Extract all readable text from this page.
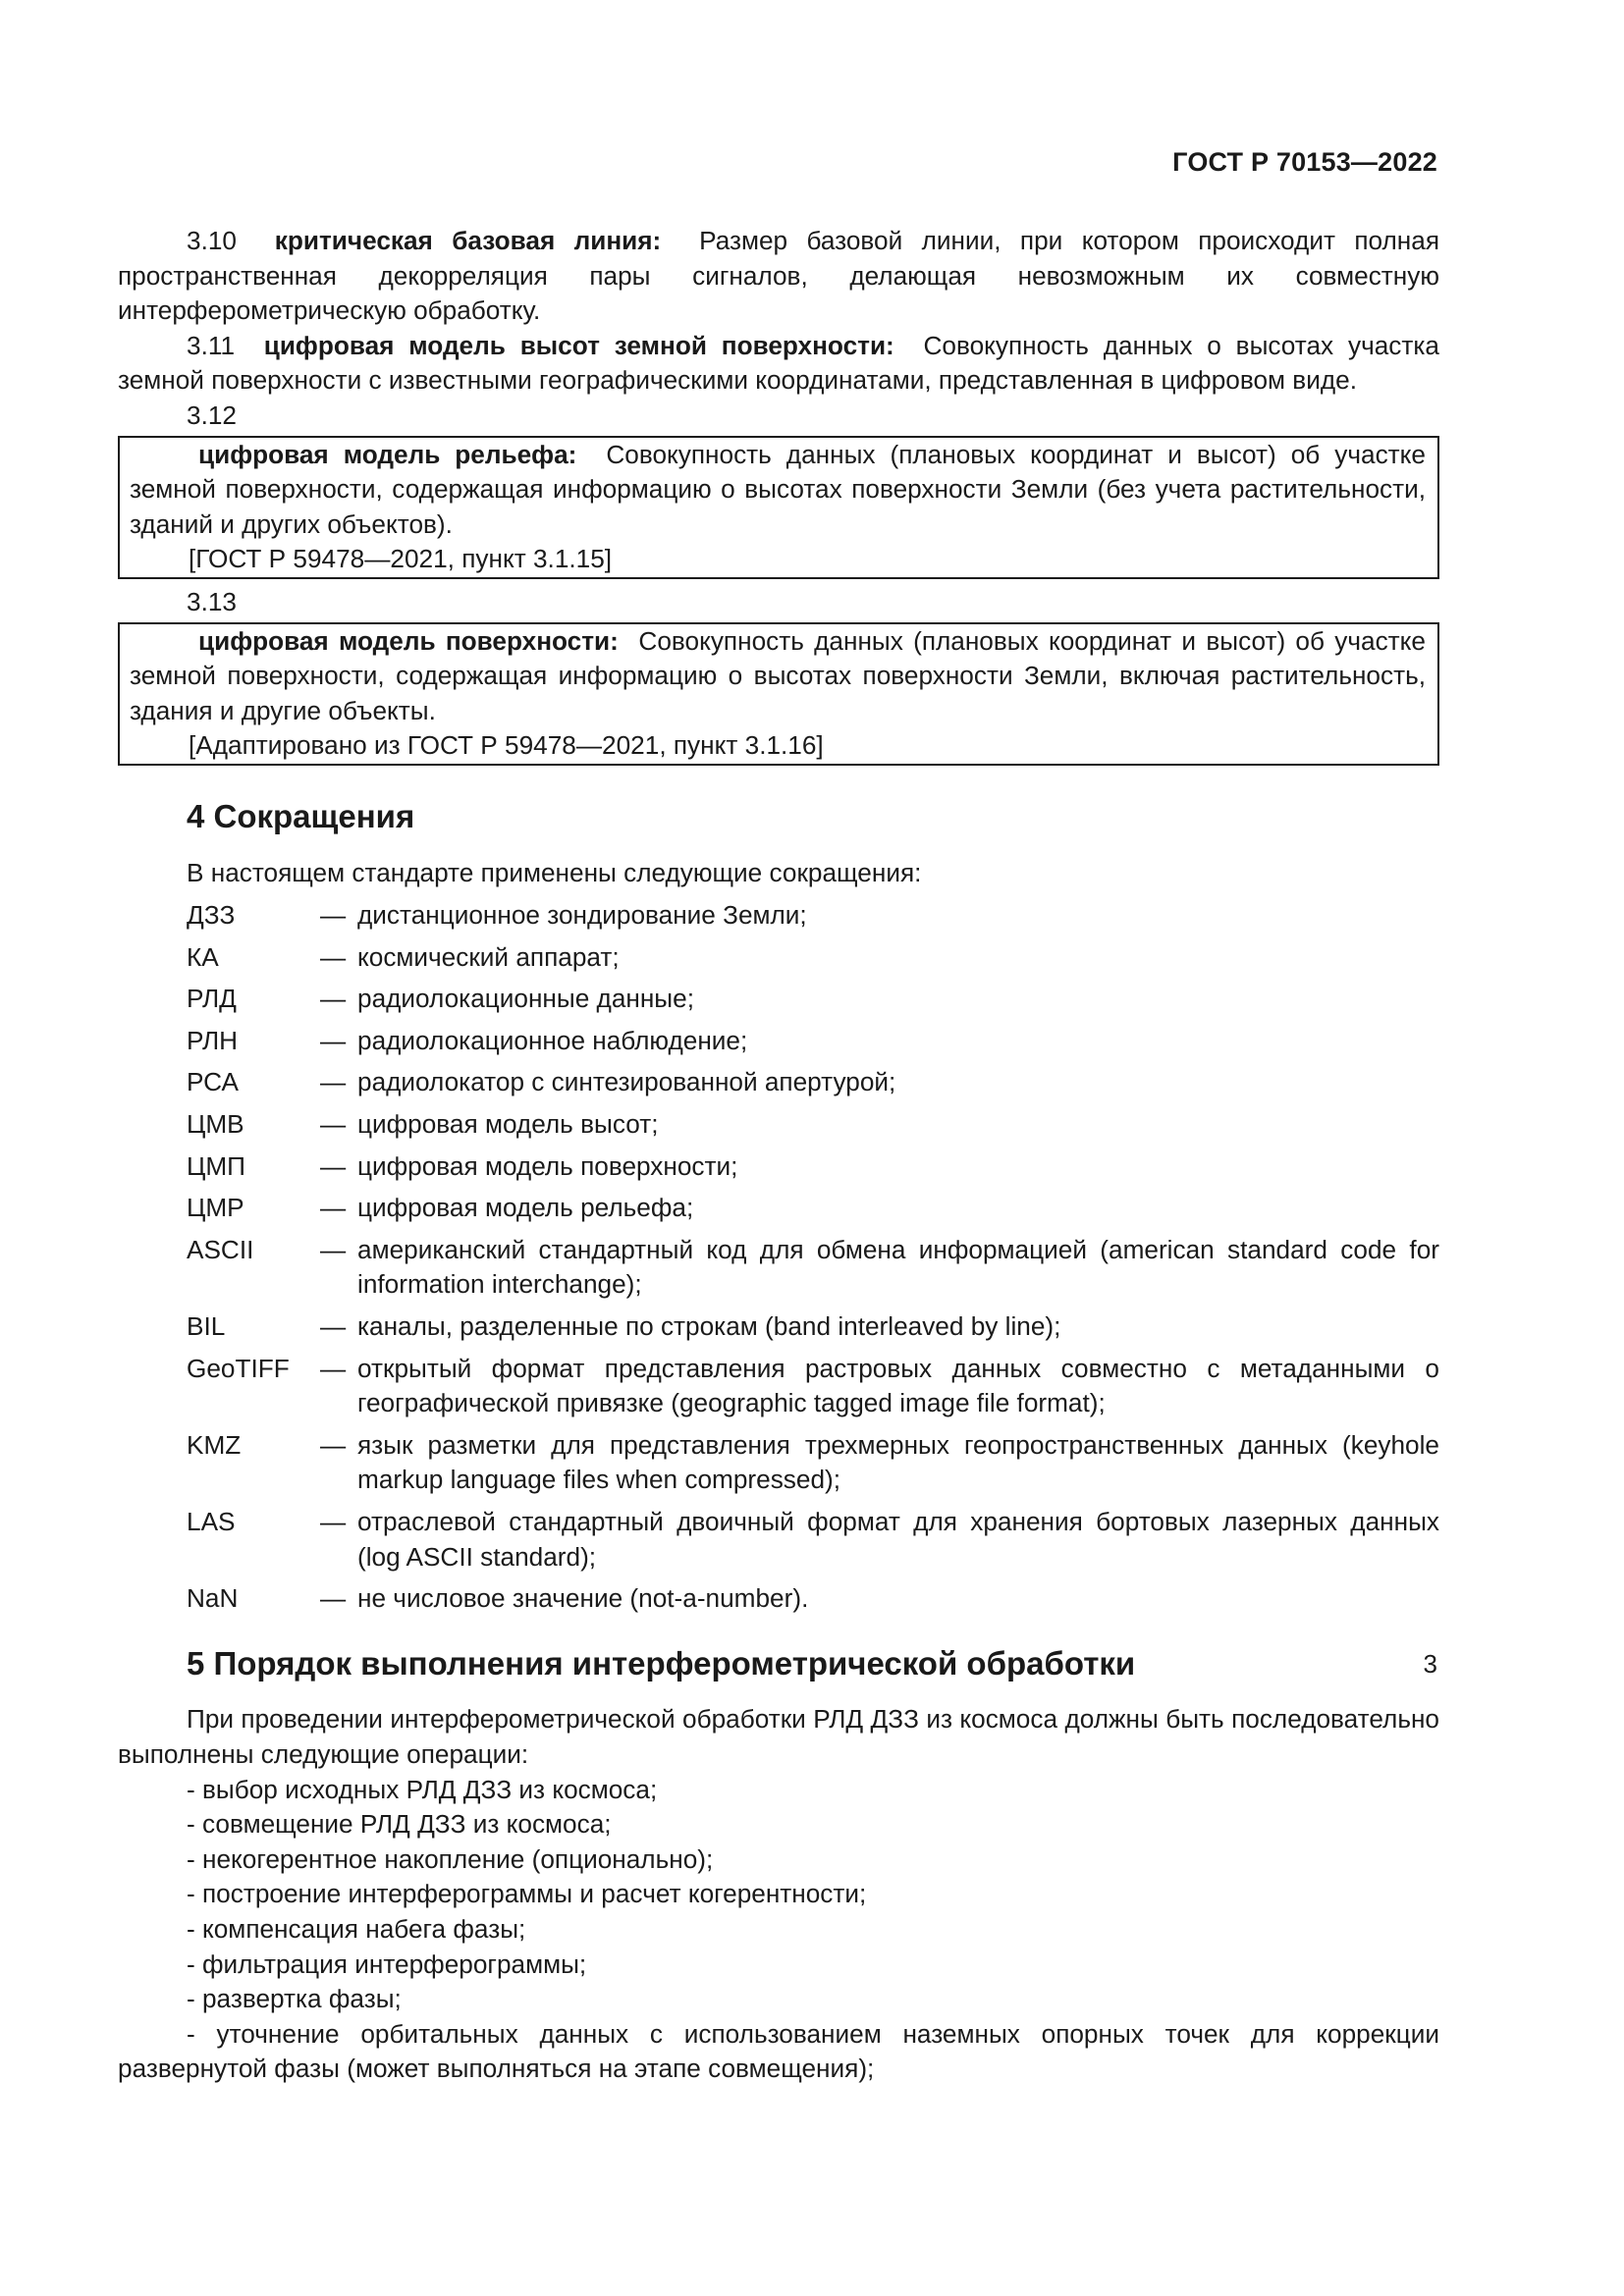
ГОСТ Р 70153—2022

3.10 критическая базовая линия: Размер базовой линии, при котором происходит полная пространственная декорреляция пары сигналов, делающая невозможным их совместную интерферометрическую обработку.

3.11 цифровая модель высот земной поверхности: Совокупность данных о высотах участка земной поверхности с известными географическими координатами, представленная в цифровом виде.

3.12

цифровая модель рельефа: Совокупность данных (плановых координат и высот) об участке земной поверхности, содержащая информацию о высотах поверхности Земли (без учета растительности, зданий и других объектов).

[ГОСТ Р 59478—2021, пункт 3.1.15]

3.13

цифровая модель поверхности: Совокупность данных (плановых координат и высот) об участке земной поверхности, содержащая информацию о высотах поверхности Земли, включая растительность, здания и другие объекты.

[Адаптировано из ГОСТ Р 59478—2021, пункт 3.1.16]

4 Сокращения

В настоящем стандарте применены следующие сокращения:

ДЗЗ	— дистанционное зондирование Земли;
КА	— космический аппарат;
РЛД	— радиолокационные данные;
РЛН	— радиолокационное наблюдение;
РСА	— радиолокатор с синтезированной апертурой;
ЦМВ	— цифровая модель высот;
ЦМП	— цифровая модель поверхности;
ЦМР	— цифровая модель рельефа;
ASCII	— американский стандартный код для обмена информацией (american standard code for information interchange);
BIL	— каналы, разделенные по строкам (band interleaved by line);
GeoTIFF	— открытый формат представления растровых данных совместно с метаданными о географической привязке (geographic tagged image file format);
KMZ	— язык разметки для представления трехмерных геопространственных данных (keyhole markup language files when compressed);
LAS	— отраслевой стандартный двоичный формат для хранения бортовых лазерных данных (log ASCII standard);
NaN	— не числовое значение (not-a-number).
5 Порядок выполнения интерферометрической обработки

При проведении интерферометрической обработки РЛД ДЗЗ из космоса должны быть последовательно выполнены следующие операции:

- выбор исходных РЛД ДЗЗ из космоса;
- совмещение РЛД ДЗЗ из космоса;
- некогерентное накопление (опционально);
- построение интерферограммы и расчет когерентности;
- компенсация набега фазы;
- фильтрация интерферограммы;
- развертка фазы;
- уточнение орбитальных данных с использованием наземных опорных точек для коррекции развернутой фазы (может выполняться на этапе совмещения);
3
